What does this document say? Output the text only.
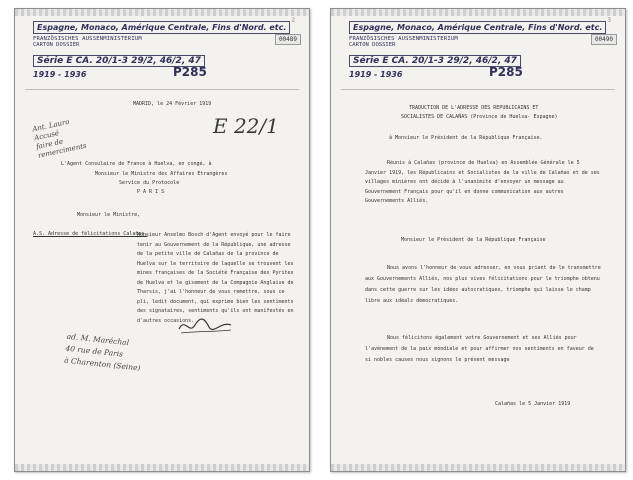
2
Espagne, Monaco, Amérique Centrale, Fins d'Nord. etc.
FRANZÖSISCHES AUSSENMINISTERIUM
CARTON DOSSIER
Série E CA. 20/1-3 29/2, 46/2, 47
1919 - 1936	P285
00489
Ant. Lauro
Accusé
faire de remerciments
E 22/1
MADRID, le 24 Février 1919
L'Agent Consulaire de France à Huelva, en congé, à
Monsieur le Ministre des Affaires Etrangères
Service du Protocole
P A R I S
Monsieur le Ministre,
A.S. Adresse de félicitations Calañas.
Monsieur Anselmo Bosch d'Agent envoyé pour le faire tenir au Gouvernement de la République, une adresse de la petite ville de Calañas de la province de Huelva sur le territoire de laquelle se trouvent les mines françaises de la Société Française des Pyrites de Huelva et le gisement de la Compagnie Anglaise de Tharsis, j'ai l'honneur de vous remettre, sous ce pli, ledit document, qui exprime bien les sentiments des signataires, sentiments qu'ils ont manifestés en d'autres occasions.
ad. M. Maréchal
40 rue de Paris
à Charenton (Seine)
3
Espagne, Monaco, Amérique Centrale, Fins d'Nord. etc.
FRANZÖSISCHES AUSSENMINISTERIUM
CARTON DOSSIER
Série E CA. 20/1-3 29/2, 46/2, 47
1919 - 1936	P285
00490
TRADUCTION DE L'ADRESSE DES REPUBLICAINS ET
SOCIALISTES DE CALAÑAS (Province de Huelva- Espagne)
à Monsieur le Président de la République Française.
Réunis à Calañas (province de Huelva) en Assemblée Générale le 5 Janvier 1919, les Républicains et Socialistes de la ville de Calañas et de ses villages minières ont décidé à l'unanimité d'envoyer un message au Gouvernement Français pour qu'il en donne communication aux autres Gouvernements Alliés.
Monsieur le Président de la République Française
Nous avons l'honneur de vous adresser, en vous priant de le transmettre aux Gouvernements Alliés, nos plus vives félicitations pour le triomphe obtenu dans cette guerre sur les idées autocratiques, triomphe qui laisse le champ libre aux idéals démocratiques.
Nous félicitons également votre Gouvernement et ses Alliés pour l'avènement de la paix mondiale et pour affirmer nos sentiments en faveur de si nobles causes nous signons le présent message
Calañas le 5 Janvier 1919
